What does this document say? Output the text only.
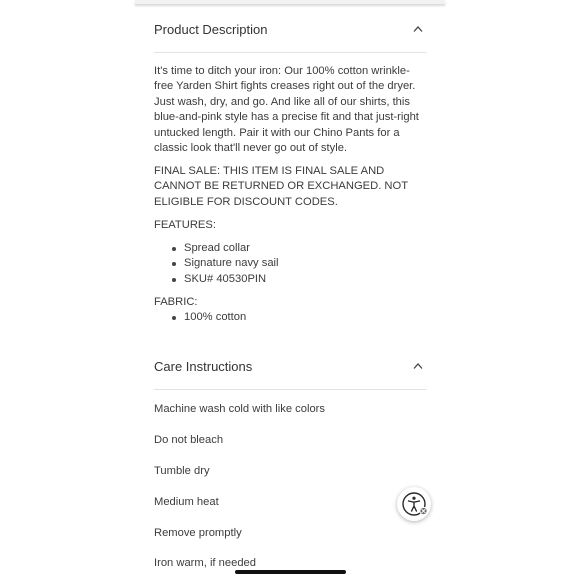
Product Description
It's time to ditch your iron: Our 100% cotton wrinkle-free Yarden Shirt fights creases right out of the dryer. Just wash, dry, and go. And like all of our shirts, this blue-and-pink style has a precise fit and that just-right untucked length. Pair it with our Chino Pants for a classic look that'll never go out of style.
FINAL SALE: THIS ITEM IS FINAL SALE AND CANNOT BE RETURNED OR EXCHANGED. NOT ELIGIBLE FOR DISCOUNT CODES.
FEATURES:
Spread collar
Signature navy sail
SKU# 40530PIN
FABRIC:
100% cotton
Care Instructions
Machine wash cold with like colors
Do not bleach
Tumble dry
Medium heat
Remove promptly
Iron warm, if needed
